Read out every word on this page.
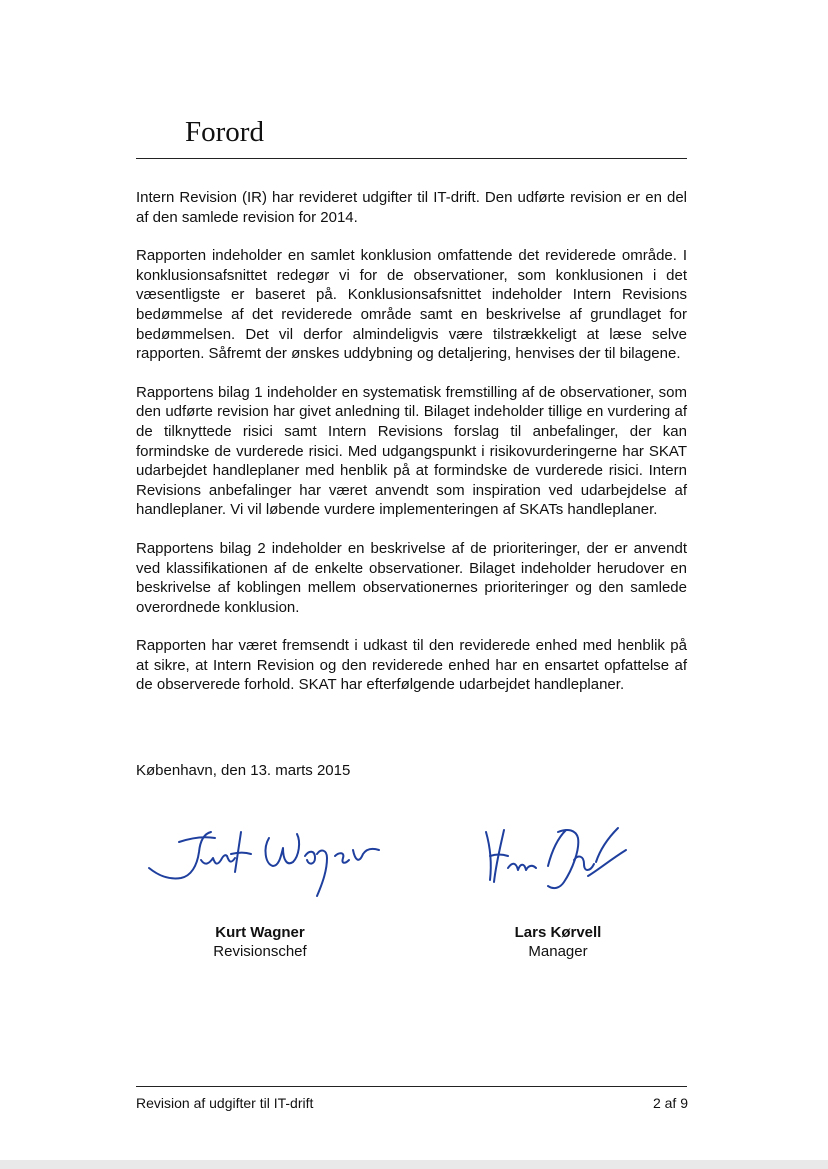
Forord

Intern Revision (IR) har revideret udgifter til IT-drift. Den udførte revision er en del af den samlede revision for 2014.

Rapporten indeholder en samlet konklusion omfattende det reviderede område. I konklusionsafsnittet redegør vi for de observationer, som konklusionen i det væsentligste er baseret på. Konklusionsafsnittet indeholder Intern Revisions bedømmelse af det reviderede område samt en beskrivelse af grundlaget for bedømmelsen. Det vil derfor almindeligvis være tilstrækkeligt at læse selve rapporten. Såfremt der ønskes uddybning og detaljering, henvises der til bilagene.

Rapportens bilag 1 indeholder en systematisk fremstilling af de observationer, som den udførte revision har givet anledning til. Bilaget indeholder tillige en vurdering af de tilknyttede risici samt Intern Revisions forslag til anbefalinger, der kan formindske de vurderede risici. Med udgangspunkt i risikovurderingerne har SKAT udarbejdet handleplaner med henblik på at formindske de vurderede risici. Intern Revisions anbefalinger har været anvendt som inspiration ved udarbejdelse af handleplaner. Vi vil løbende vurdere implementeringen af SKATs handleplaner.

Rapportens bilag 2 indeholder en beskrivelse af de prioriteringer, der er anvendt ved klassifikationen af de enkelte observationer. Bilaget indeholder herudover en beskrivelse af koblingen mellem observationernes prioriteringer og den samlede overordnede konklusion.

Rapporten har været fremsendt i udkast til den reviderede enhed med henblik på at sikre, at Intern Revision og den reviderede enhed har en ensartet opfattelse af de observerede forhold. SKAT har efterfølgende udarbejdet handleplaner.

København, den 13. marts 2015
Kurt Wagner
Revisionschef
Lars Kørvell
Manager
Revision af udgifter til IT-drift	2 af 9
